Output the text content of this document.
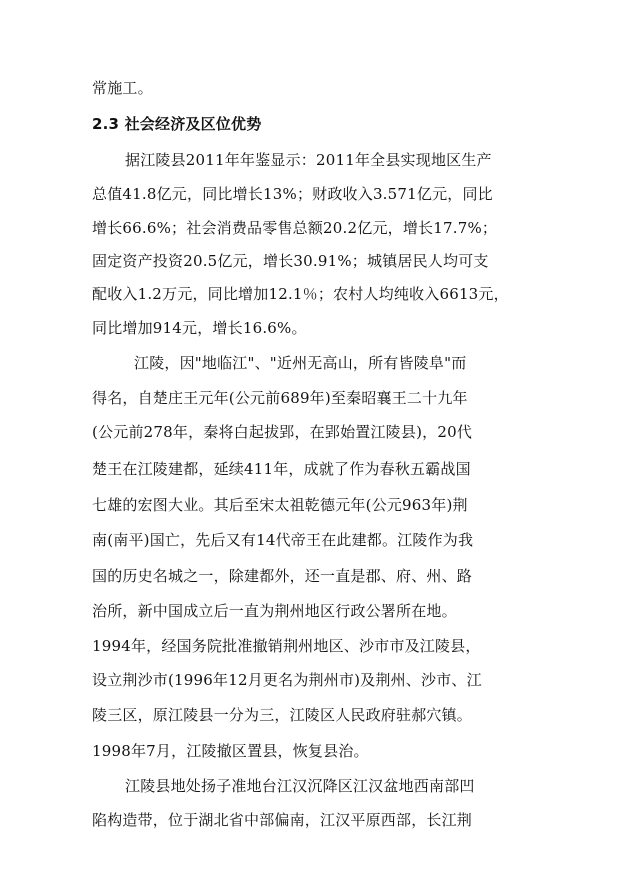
常施工。
2.3 社会经济及区位优势
据江陵县2011年年鉴显示：2011年全县实现地区生产
总值41.8亿元，同比增长13%；财政收入3.571亿元，同比
增长66.6%；社会消费品零售总额20.2亿元，增长17.7%；
固定资产投资20.5亿元，增长30.91%；城镇居民人均可支
配收入1.2万元，同比增加12.1％；农村人均纯收入6613元，
同比增加914元，增长16.6%。
江陵，因"地临江"、"近州无高山，所有皆陵阜"而
得名，自楚庄王元年(公元前689年)至秦昭襄王二十九年
(公元前278年，秦将白起拔郢，在郢始置江陵县)，20代
楚王在江陵建都，延续411年，成就了作为春秋五霸战国
七雄的宏图大业。其后至宋太祖乾德元年(公元963年)荆
南(南平)国亡，先后又有14代帝王在此建都。江陵作为我
国的历史名城之一，除建都外，还一直是郡、府、州、路
治所，新中国成立后一直为荆州地区行政公署所在地。
1994年，经国务院批准撤销荆州地区、沙市市及江陵县，
设立荆沙市(1996年12月更名为荆州市)及荆州、沙市、江
陵三区，原江陵县一分为三，江陵区人民政府驻郝穴镇。
1998年7月，江陵撤区置县，恢复县治。
江陵县地处扬子准地台江汉沉降区江汉盆地西南部凹
陷构造带，位于湖北省中部偏南，江汉平原西部，长江荆
